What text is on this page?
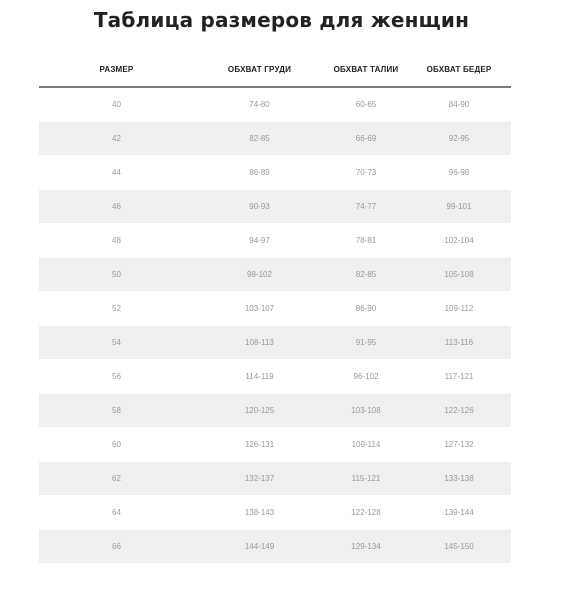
Таблица размеров для женщин
РАЗМЕР	ОБХВАТ ГРУДИ	ОБХВАТ ТАЛИИ	ОБХВАТ БЕДЕР
40	74-80	60-65	84-90
42	82-85	66-69	92-95
44	86-89	70-73	96-98
46	90-93	74-77	99-101
48	94-97	78-81	102-104
50	98-102	82-85	105-108
52	103-107	86-90	109-112
54	108-113	91-95	113-116
56	114-119	96-102	117-121
58	120-125	103-108	122-126
60	126-131	109-114	127-132
62	132-137	115-121	133-138
64	138-143	122-128	139-144
66	144-149	129-134	145-150
